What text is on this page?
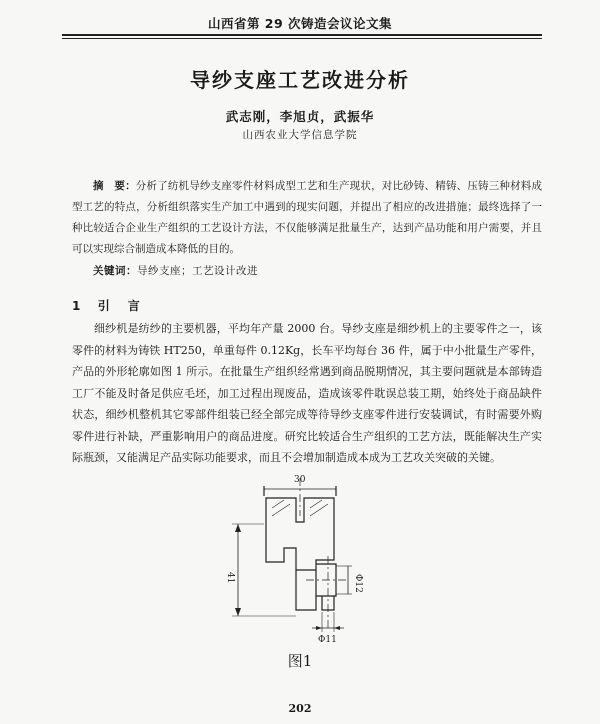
山西省第 29 次铸造会议论文集
导纱支座工艺改进分析
武志刚，李旭贞，武振华
山西农业大学信息学院
摘　要：分析了纺机导纱支座零件材料成型工艺和生产现状，对比砂铸、精铸、压铸三种材料成型工艺的特点，分析组织落实生产加工中遇到的现实问题，并提出了相应的改进措施；最终选择了一种比较适合企业生产组织的工艺设计方法，不仅能够满足批量生产，达到产品功能和用户需要，并且可以实现综合制造成本降低的目的。
关键词：导纱支座；工艺设计改进
1 引　言

细纱机是纺纱的主要机器，平均年产量 2000 台。导纱支座是细纱机上的主要零件之一，该零件的材料为铸铁 HT250，单重每件 0.12Kg，长车平均每台 36 件，属于中小批量生产零件，产品的外形轮廓如图 1 所示。在批量生产组织经常遇到商品脱期情况，其主要问题就是本部铸造工厂不能及时备足供应毛坯，加工过程出现废品，造成该零件耽误总装工期，始终处于商品缺件状态，细纱机整机其它零部件组装已经全部完成等待导纱支座零件进行安装调试，有时需要外购零件进行补缺，严重影响用户的商品进度。研究比较适合生产组织的工艺方法，既能解决生产实际瓶颈，又能满足产品实际功能要求，而且不会增加制造成本成为工艺攻关突破的关键。

30
41	Φ12
Φ11
图1
202
